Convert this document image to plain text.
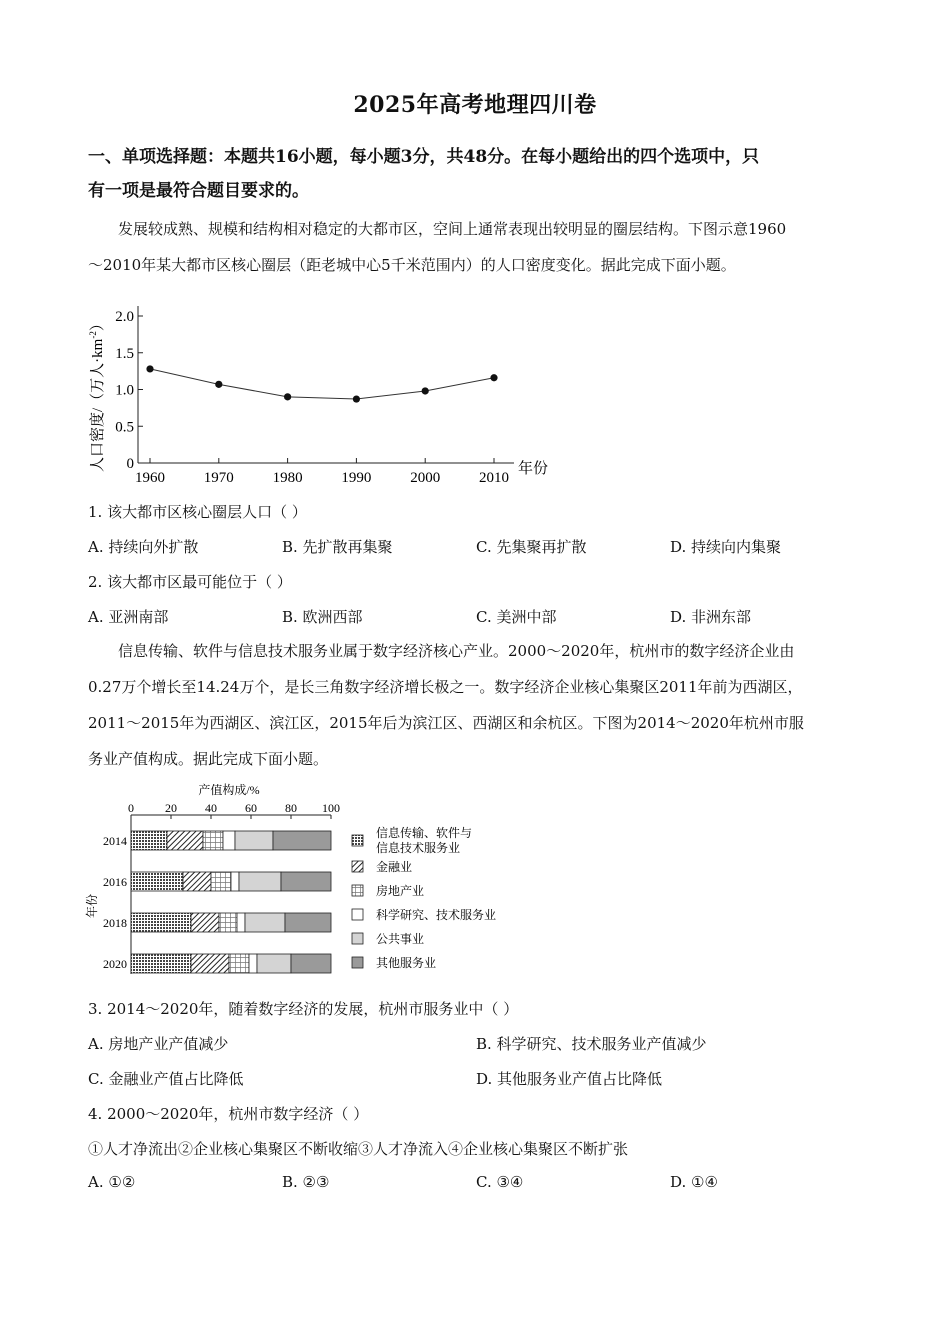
2025年高考地理四川卷
一、单项选择题：本题共16小题，每小题3分，共48分。在每小题给出的四个选项中，只
有一项是最符合题目要求的。
发展较成熟、规模和结构相对稳定的大都市区，空间上通常表现出较明显的圈层结构。下图示意1960
～2010年某大都市区核心圈层（距老城中心5千米范围内）的人口密度变化。据此完成下面小题。
0
0.5
1.0
1.5
2.0
1960	1970	1980	1990	2000	2010
年份
人口密度/（万人$\cdot km^{-2}$）
1. 该大都市区核心圈层人口（ ）
A. 持续向外扩散	B. 先扩散再集聚	C. 先集聚再扩散	D. 持续向内集聚
2. 该大都市区最可能位于（ ）
A. 亚洲南部	B. 欧洲西部	C. 美洲中部	D. 非洲东部
信息传输、软件与信息技术服务业属于数字经济核心产业。2000～2020年，杭州市的数字经济企业由
0.27万个增长至14.24万个，是长三角数字经济增长极之一。数字经济企业核心集聚区2011年前为西湖区，
2011～2015年为西湖区、滨江区，2015年后为滨江区、西湖区和余杭区。下图为2014～2020年杭州市服
务业产值构成。据此完成下面小题。
产值构成/%
0	20 40 60 80 100
年份
2014
2016
2018
2020
信息传输、软件与
信息技术服务业
金融业
房地产业
科学研究、技术服务业
公共事业
其他服务业
3. 2014～2020年，随着数字经济的发展，杭州市服务业中（ ）
A. 房地产业产值减少	B. 科学研究、技术服务业产值减少
C. 金融业产值占比降低	D. 其他服务业产值占比降低
4. 2000～2020年，杭州市数字经济（ ）
①人才净流出②企业核心集聚区不断收缩③人才净流入④企业核心集聚区不断扩张
A. ①②	B. ②③	C. ③④	D. ①④
